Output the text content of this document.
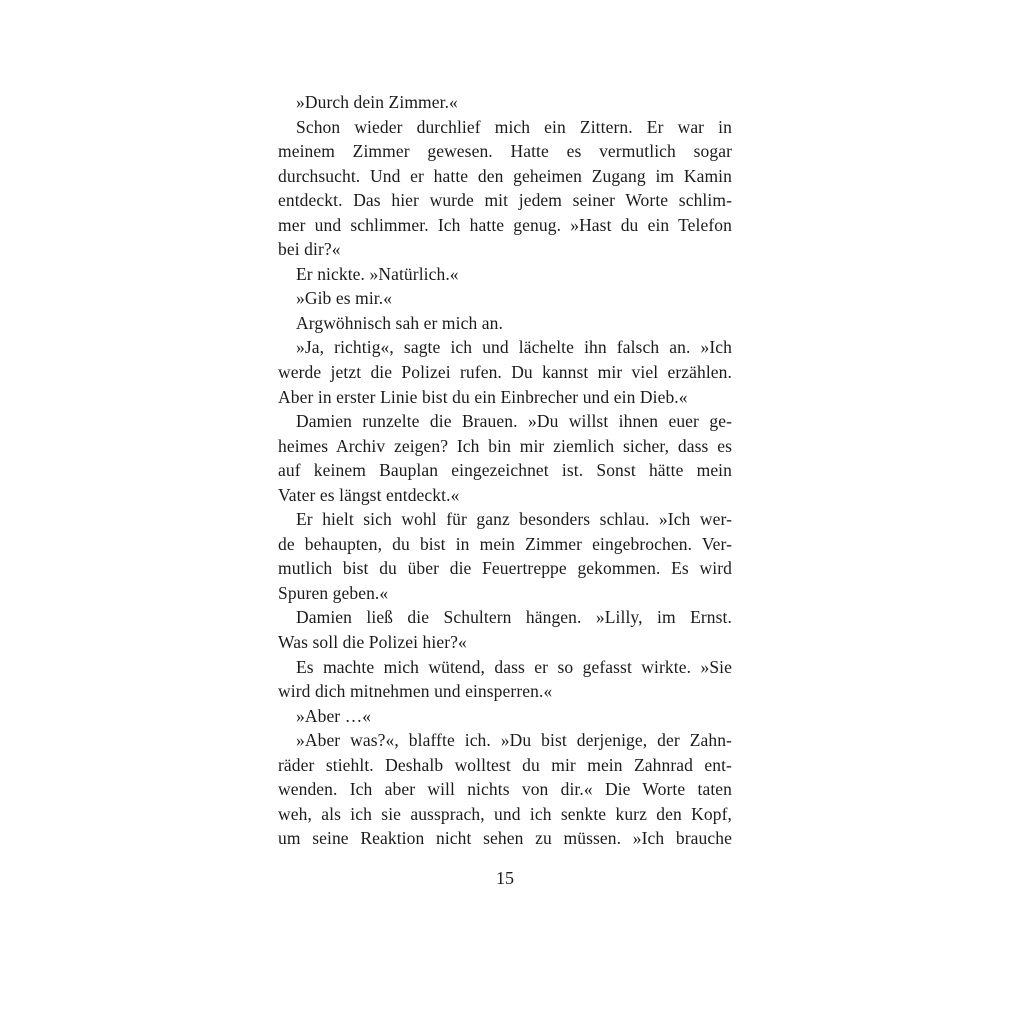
»Durch dein Zimmer.«
Schon wieder durchlief mich ein Zittern. Er war in
meinem Zimmer gewesen. Hatte es vermutlich sogar
durchsucht. Und er hatte den geheimen Zugang im Kamin
entdeckt. Das hier wurde mit jedem seiner Worte schlim-
mer und schlimmer. Ich hatte genug. »Hast du ein Telefon
bei dir?«
Er nickte. »Natürlich.«
»Gib es mir.«
Argwöhnisch sah er mich an.
»Ja, richtig«, sagte ich und lächelte ihn falsch an. »Ich
werde jetzt die Polizei rufen. Du kannst mir viel erzählen.
Aber in erster Linie bist du ein Einbrecher und ein Dieb.«
Damien runzelte die Brauen. »Du willst ihnen euer ge-
heimes Archiv zeigen? Ich bin mir ziemlich sicher, dass es
auf keinem Bauplan eingezeichnet ist. Sonst hätte mein
Vater es längst entdeckt.«
Er hielt sich wohl für ganz besonders schlau. »Ich wer-
de behaupten, du bist in mein Zimmer eingebrochen. Ver-
mutlich bist du über die Feuertreppe gekommen. Es wird
Spuren geben.«
Damien ließ die Schultern hängen. »Lilly, im Ernst.
Was soll die Polizei hier?«
Es machte mich wütend, dass er so gefasst wirkte. »Sie
wird dich mitnehmen und einsperren.«
»Aber …«
»Aber was?«, blaffte ich. »Du bist derjenige, der Zahn-
räder stiehlt. Deshalb wolltest du mir mein Zahnrad ent-
wenden. Ich aber will nichts von dir.« Die Worte taten
weh, als ich sie aussprach, und ich senkte kurz den Kopf,
um seine Reaktion nicht sehen zu müssen. »Ich brauche
15
